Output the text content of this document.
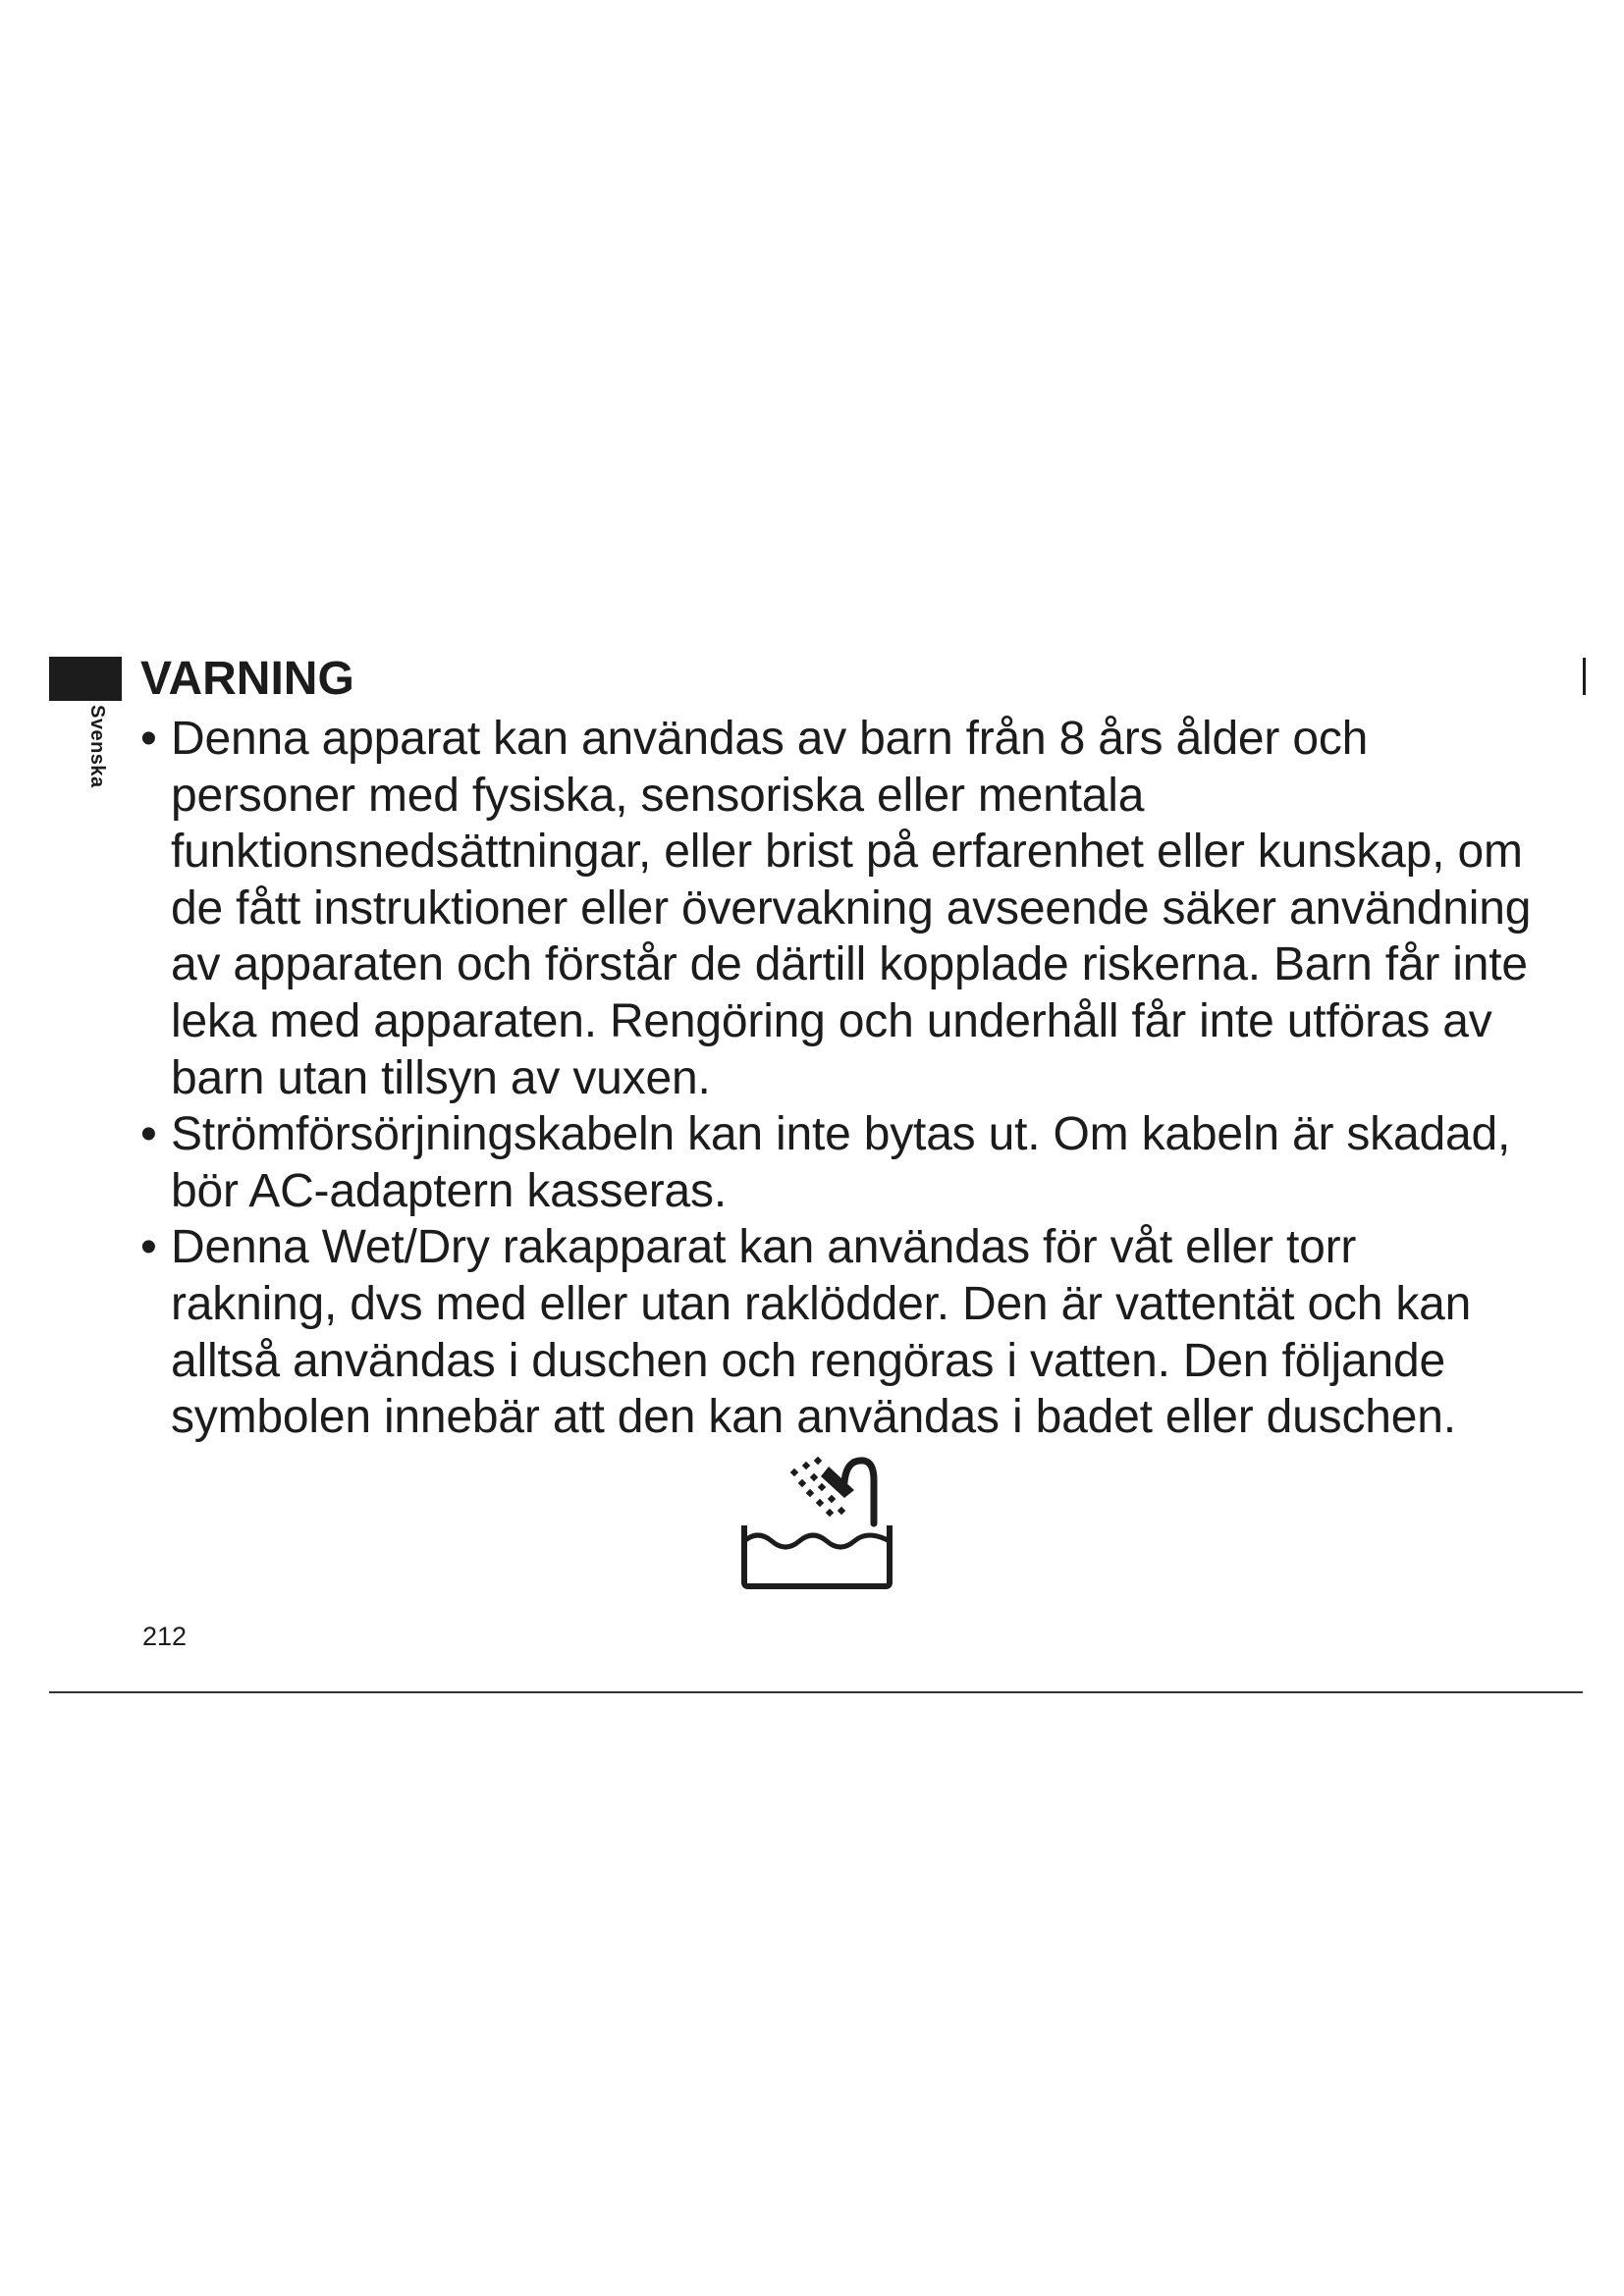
Svenska
VARNING
• Denna apparat kan användas av barn från 8 års ålder och personer med fysiska, sensoriska eller mentala funktionsnedsättningar, eller brist på erfarenhet eller kunskap, om de fått instruktioner eller övervakning avseende säker användning av apparaten och förstår de därtill kopplade riskerna. Barn får inte leka med apparaten. Rengöring och underhåll får inte utföras av barn utan tillsyn av vuxen.
• Strömförsörjningskabeln kan inte bytas ut. Om kabeln är skadad, bör AC-adaptern kasseras.
• Denna Wet/Dry rakapparat kan användas för våt eller torr rakning, dvs med eller utan raklödder. Den är vattentät och kan alltså användas i duschen och rengöras i vatten. Den följande symbolen innebär att den kan användas i badet eller duschen.
212
